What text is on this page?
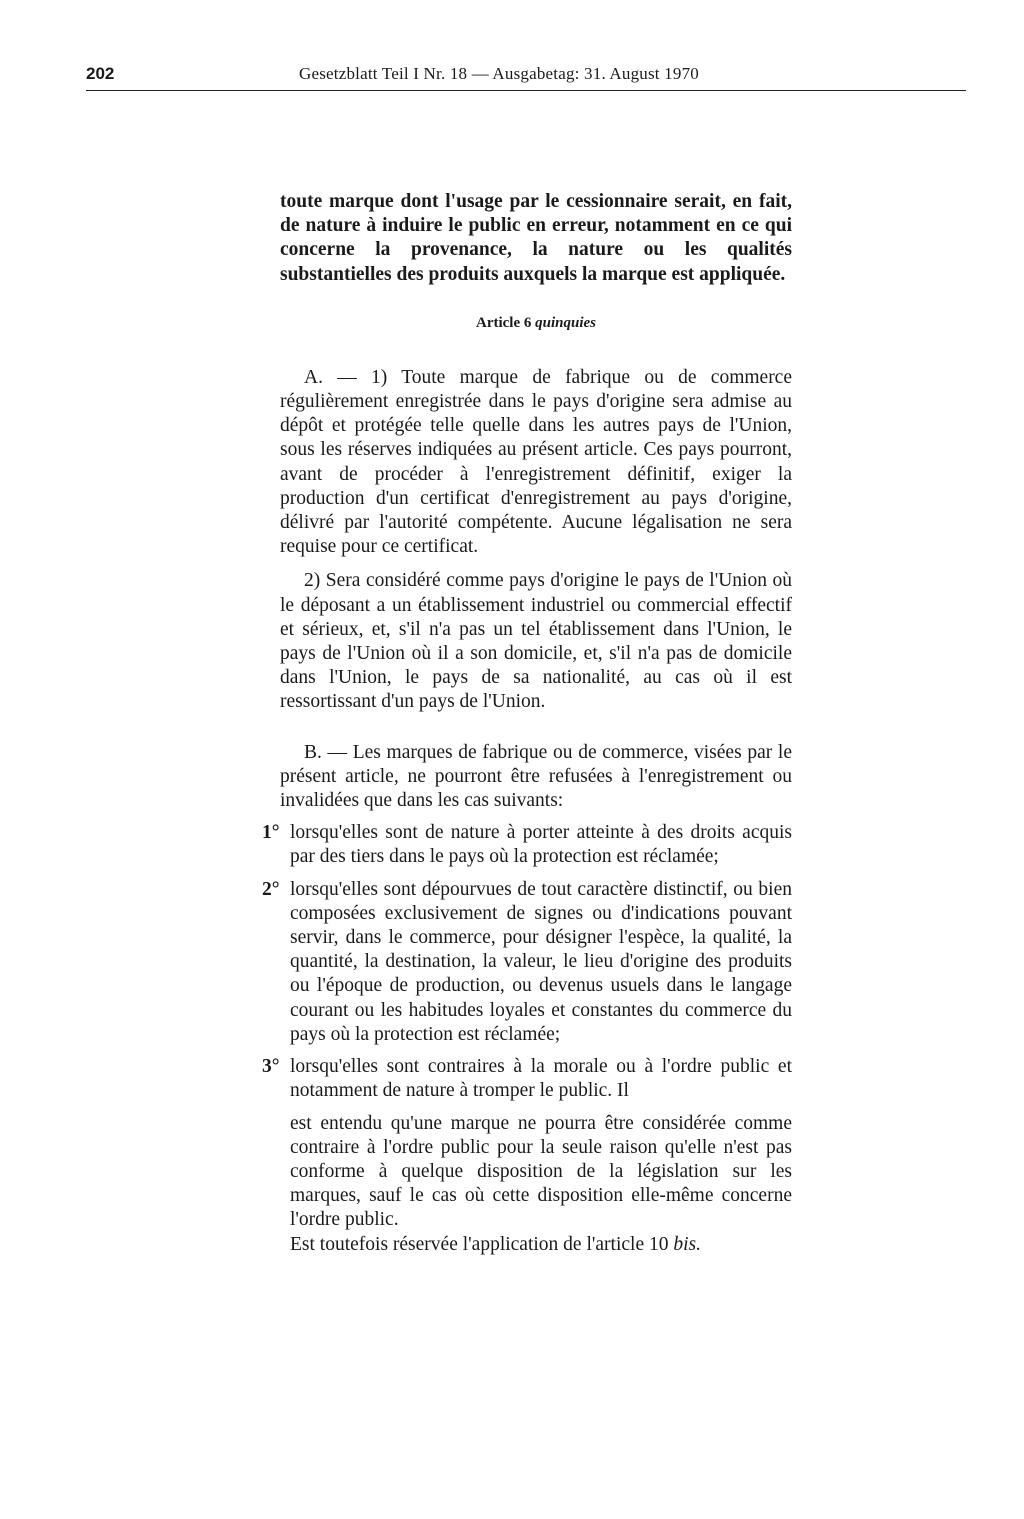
202	Gesetzblatt Teil I Nr. 18 — Ausgabetag: 31. August 1970

toute marque dont l'usage par le cessionnaire serait, en fait, de nature à induire le public en erreur, notamment en ce qui concerne la provenance, la nature ou les qualités substantielles des produits auxquels la marque est appliquée.

Article 6 quinquies

A. — 1) Toute marque de fabrique ou de commerce régulièrement enregistrée dans le pays d'origine sera admise au dépôt et protégée telle quelle dans les autres pays de l'Union, sous les réserves indiquées au présent article. Ces pays pourront, avant de procéder à l'enregistrement définitif, exiger la production d'un certificat d'enregistrement au pays d'origine, délivré par l'autorité compétente. Aucune légalisation ne sera requise pour ce certificat.

2) Sera considéré comme pays d'origine le pays de l'Union où le déposant a un établissement industriel ou commercial effectif et sérieux, et, s'il n'a pas un tel établissement dans l'Union, le pays de l'Union où il a son domicile, et, s'il n'a pas de domicile dans l'Union, le pays de sa nationalité, au cas où il est ressortissant d'un pays de l'Union.

B. — Les marques de fabrique ou de commerce, visées par le présent article, ne pourront être refusées à l'enregistrement ou invalidées que dans les cas suivants:

1° lorsqu'elles sont de nature à porter atteinte à des droits acquis par des tiers dans le pays où la protection est réclamée;

2° lorsqu'elles sont dépourvues de tout caractère distinctif, ou bien composées exclusivement de signes ou d'indications pouvant servir, dans le commerce, pour désigner l'espèce, la qualité, la quantité, la destination, la valeur, le lieu d'origine des produits ou l'époque de production, ou devenus usuels dans le langage courant ou les habitudes loyales et constantes du commerce du pays où la protection est réclamée;

3° lorsqu'elles sont contraires à la morale ou à l'ordre public et notamment de nature à tromper le public. Il

est entendu qu'une marque ne pourra être considérée comme contraire à l'ordre public pour la seule raison qu'elle n'est pas conforme à quelque disposition de la législation sur les marques, sauf le cas où cette disposition elle-même concerne l'ordre public.

Est toutefois réservée l'application de l'article 10 bis.
